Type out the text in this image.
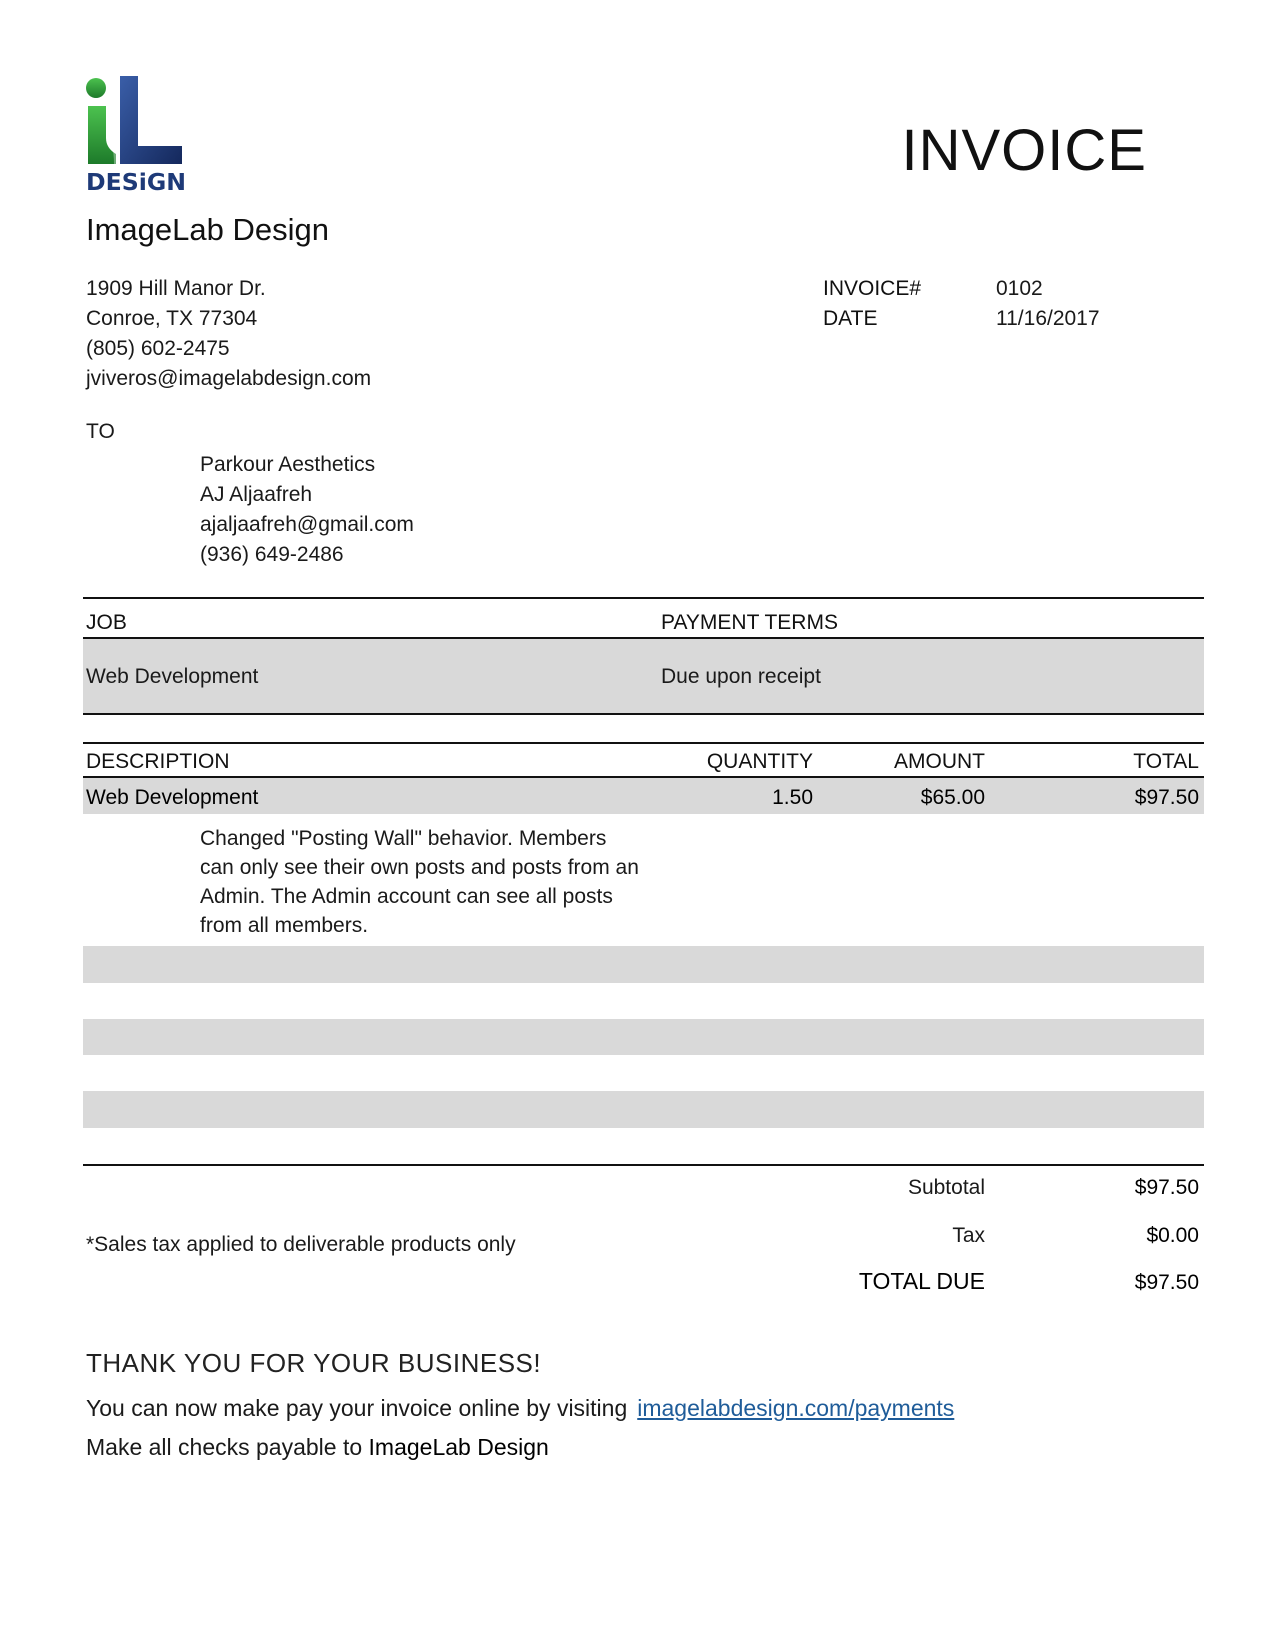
DESiGN	INVOICE
ImageLab Design
1909 Hill Manor Dr.
Conroe, TX 77304
(805) 602-2475
jviveros@imagelabdesign.com
INVOICE#	0102
DATE	11/16/2017
TO
Parkour Aesthetics
AJ Aljaafreh
ajaljaafreh@gmail.com
(936) 649-2486
JOB	PAYMENT TERMS
Web Development	Due upon receipt
DESCRIPTION	QUANTITY	AMOUNT	TOTAL
Web Development	1.50	$65.00	$97.50
Changed "Posting Wall" behavior. Members can only see their own posts and posts from an Admin. The Admin account can see all posts from all members.
*Sales tax applied to deliverable products only
Subtotal	$97.50
Tax	$0.00
TOTAL DUE	$97.50
THANK YOU FOR YOUR BUSINESS!
You can now make pay your invoice online by visiting imagelabdesign.com/payments
Make all checks payable to ImageLab Design
